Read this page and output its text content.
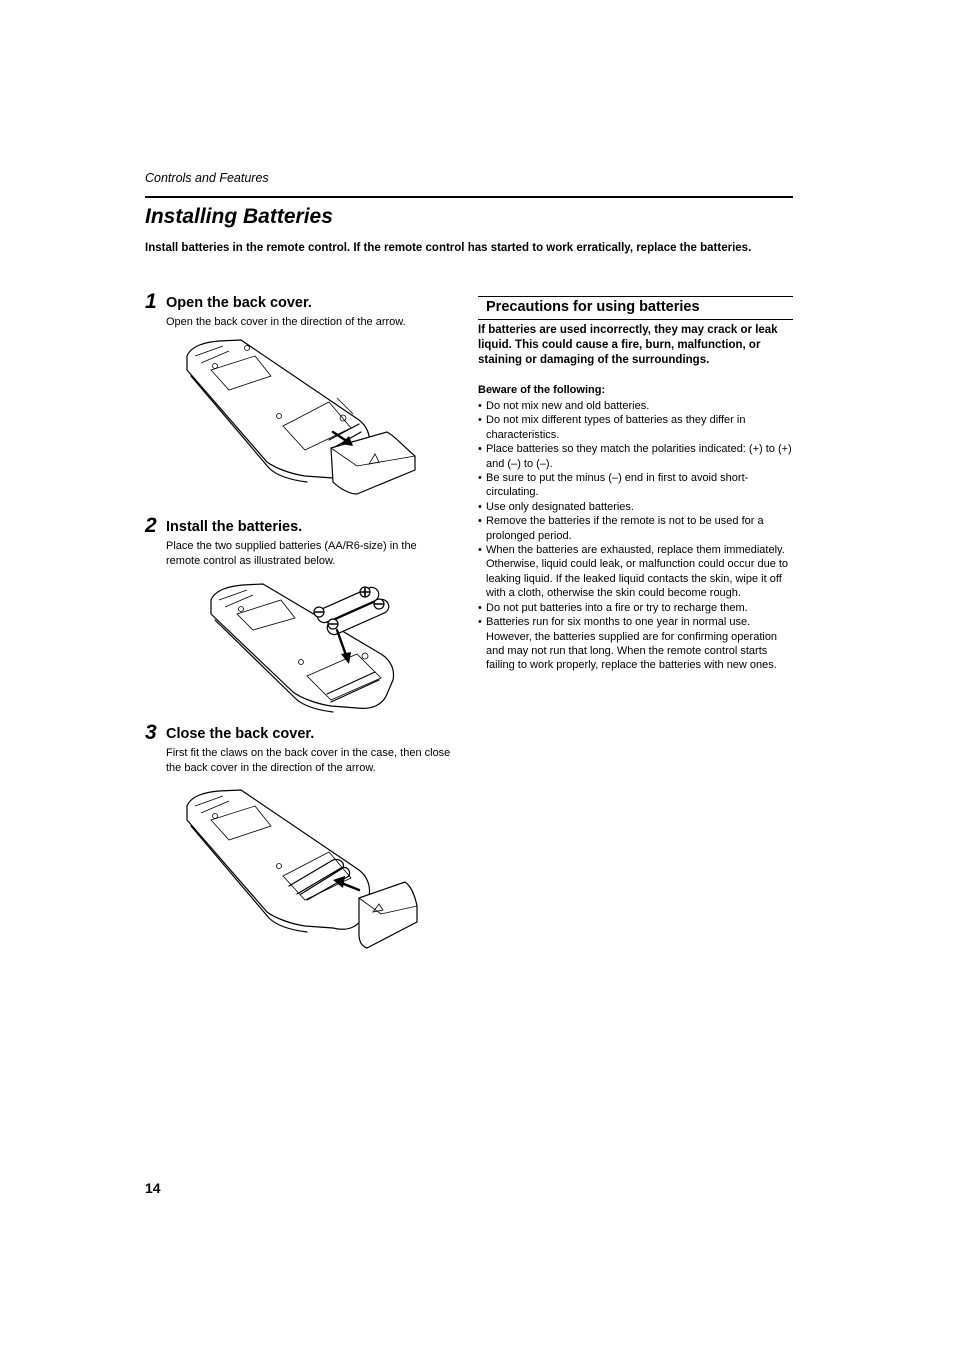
Controls and Features
Installing Batteries
Install batteries in the remote control. If the remote control has started to work erratically, replace the batteries.
1 Open the back cover.
Open the back cover in the direction of the arrow.
2 Install the batteries.
Place the two supplied batteries (AA/R6-size) in the remote control as illustrated below.
3 Close the back cover.
First fit the claws on the back cover in the case, then close the back cover in the direction of the arrow.
Precautions for using batteries
If batteries are used incorrectly, they may crack or leak liquid. This could cause a fire, burn, malfunction, or staining or damaging of the surroundings.
Beware of the following:
• Do not mix new and old batteries.
• Do not mix different types of batteries as they differ in characteristics.
• Place batteries so they match the polarities indicated: (+) to (+) and (–) to (–).
• Be sure to put the minus (–) end in first to avoid short-circulating.
• Use only designated batteries.
• Remove the batteries if the remote is not to be used for a prolonged period.
• When the batteries are exhausted, replace them immediately. Otherwise, liquid could leak, or malfunction could occur due to leaking liquid. If the leaked liquid contacts the skin, wipe it off with a cloth, otherwise the skin could become rough.
• Do not put batteries into a fire or try to recharge them.
• Batteries run for six months to one year in normal use. However, the batteries supplied are for confirming operation and may not run that long. When the remote control starts failing to work properly, replace the batteries with new ones.
14
